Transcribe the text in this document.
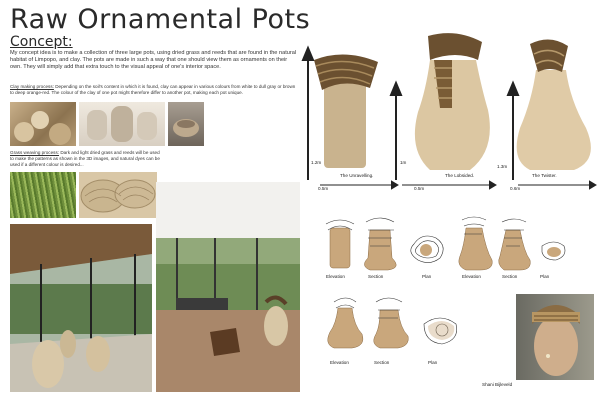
Raw Ornamental Pots
Concept:
My concept idea is to make a collection of three large pots, using dried grass and reeds that are found in the natural habitat of Limpopo, and clay. The pots are made in such a way that one should view them as ornaments on their own. They will simply add that extra touch to the visual appeal of one's interior space.
Clay making process: Depending on the soil's content in which it is found, clay can appear in various colours from white to dull gray or brown to deep orange-red. The colour of the clay of one pot might therefore differ to another pot, making each pot unique.
Grass weaving process: Dark and light dried grass and reeds will be used to make the patterns as shown in the 3D images, and natural dyes can be used if a different colour is desired...	1.2m	1m
1.3m
The Unravelling.	The Lobsided.	The Twister.
0.5m	0.5m	0.6m
Elevation	Section	Plan	Elevation	Section	Plan
Elevation	Section	Plan
Shani Bijleveld
